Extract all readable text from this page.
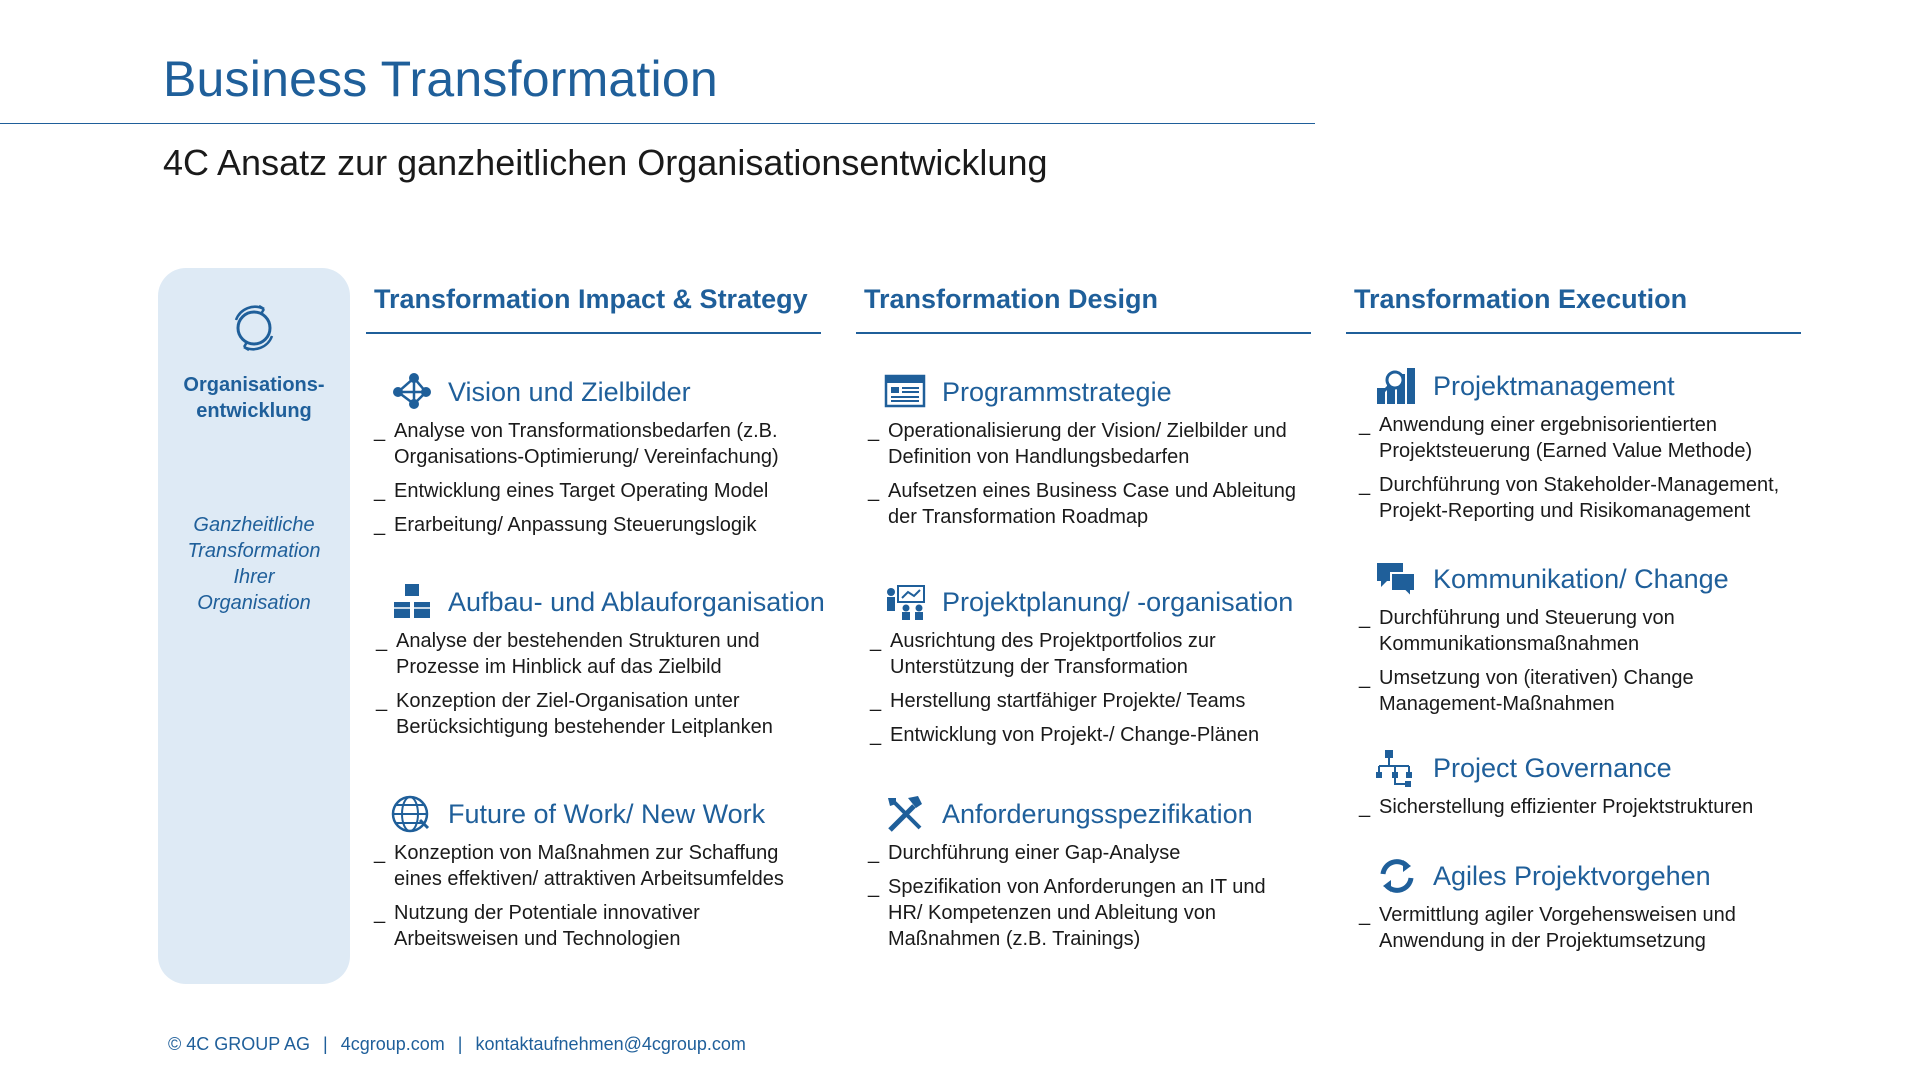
Business Transformation
4C Ansatz zur ganzheitlichen Organisationsentwicklung
Organisations-
entwicklung
Ganzheitliche
Transformation
Ihrer
Organisation
Transformation Impact & Strategy Transformation Design	Transformation Execution
Vision und Zielbilder
_ Analyse von Transformationsbedarfen (z.B. Organisations-Optimierung/ Vereinfachung)
_ Entwicklung eines Target Operating Model
_ Erarbeitung/ Anpassung Steuerungslogik
Aufbau- und Ablauforganisation
_ Analyse der bestehenden Strukturen und Prozesse im Hinblick auf das Zielbild
_ Konzeption der Ziel-Organisation unter Berücksichtigung bestehender Leitplanken
Future of Work/ New Work
_ Konzeption von Maßnahmen zur Schaffung eines effektiven/ attraktiven Arbeitsumfeldes
_ Nutzung der Potentiale innovativer Arbeitsweisen und Technologien
Programmstrategie
_ Operationalisierung der Vision/ Zielbilder und Definition von Handlungsbedarfen
_ Aufsetzen eines Business Case und Ableitung der Transformation Roadmap
Projektplanung/ -organisation
_ Ausrichtung des Projektportfolios zur Unterstützung der Transformation
_ Herstellung startfähiger Projekte/ Teams
_ Entwicklung von Projekt-/ Change-Plänen
Anforderungsspezifikation
_ Durchführung einer Gap-Analyse
_ Spezifikation von Anforderungen an IT und HR/ Kompetenzen und Ableitung von Maßnahmen (z.B. Trainings)
Projektmanagement
_ Anwendung einer ergebnisorientierten Projektsteuerung (Earned Value Methode)
_ Durchführung von Stakeholder-Management, Projekt-Reporting und Risikomanagement
Kommunikation/ Change
_ Durchführung und Steuerung von Kommunikationsmaßnahmen
_ Umsetzung von (iterativen) Change Management-Maßnahmen
Project Governance
_ Sicherstellung effizienter Projektstrukturen
Agiles Projektvorgehen
_ Vermittlung agiler Vorgehensweisen und Anwendung in der Projektumsetzung
© 4C GROUP AG | 4cgroup.com | kontaktaufnehmen@4cgroup.com
